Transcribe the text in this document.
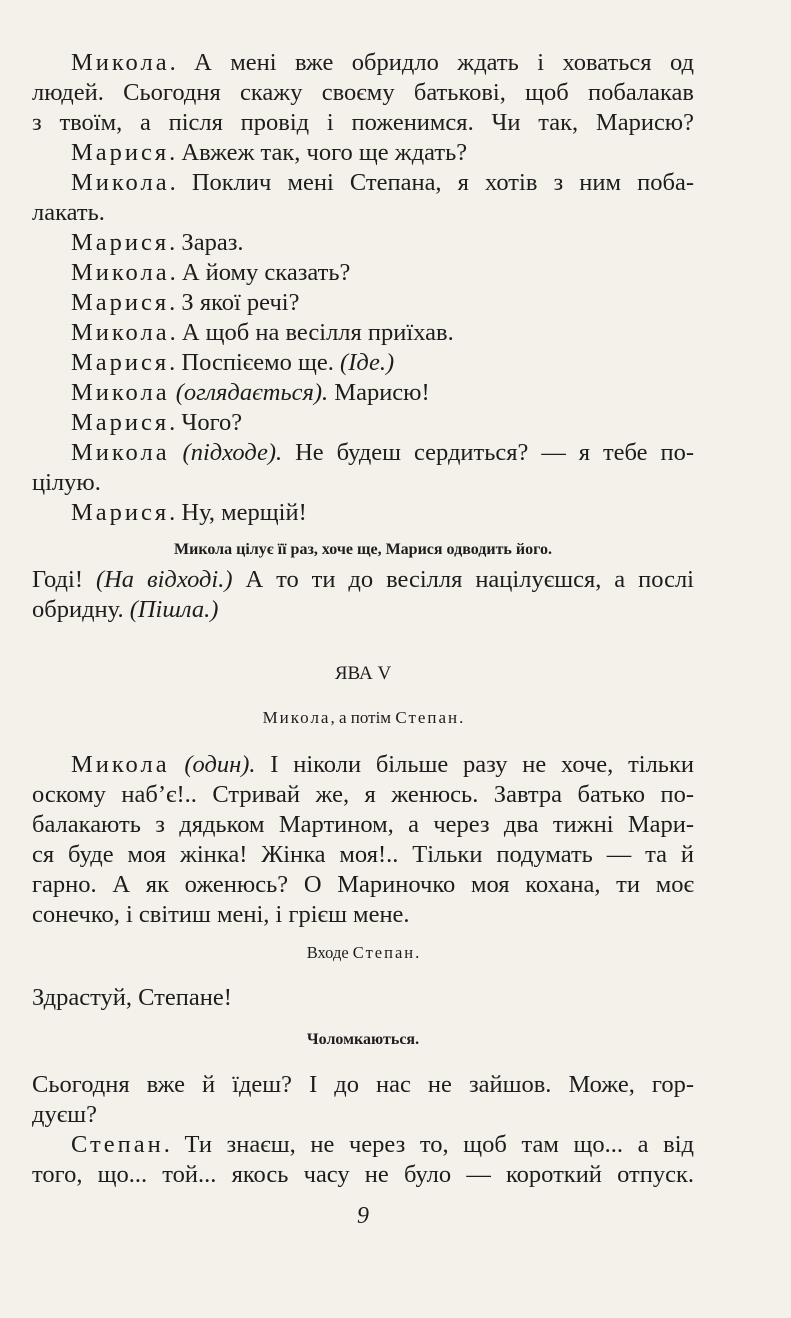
Микола. А мені вже обридло ждать і ховаться од
людей. Сьогодня скажу своєму батькові, щоб побалакав
з твоїм, а після провід і поженимся. Чи так, Марисю?
Марися. Авжеж так, чого ще ждать?
Микола. Поклич мені Степана, я хотів з ним поба-
лакать.
Марися. Зараз.
Микола. А йому сказать?
Марися. З якої речі?
Микола. А щоб на весілля приїхав.
Марися. Поспієемо ще. (Іде.)
Микола (оглядається). Марисю!
Марися. Чого?
Микола (підходе). Не будеш сердиться? — я тебе по-
цілую.
Марися. Ну, мерщій!
Микола цілує її раз, хоче ще, Марися одводить його.
Годі! (На відході.) А то ти до весілля націлуєшся, а послі
обридну. (Пішла.)
ЯВА V
Микола, а потім Степан.
Микола (один). І ніколи більше разу не хоче, тільки
оскому наб’є!.. Стривай же, я женюсь. Завтра батько по-
балакають з дядьком Мартином, а через два тижні Мари-
ся буде моя жінка! Жінка моя!.. Тільки подумать — та й
гарно. А як оженюсь? О Мариночко моя кохана, ти моє
сонечко, і світиш мені, і грієш мене.
Входе Степан.
Здрастуй, Степане!
Чоломкаються.
Сьогодня вже й їдеш? І до нас не зайшов. Може, гор-
дуєш?
Степан. Ти знаєш, не через то, щоб там що... а від
того, що... той... якось часу не було — короткий отпуск.
9
